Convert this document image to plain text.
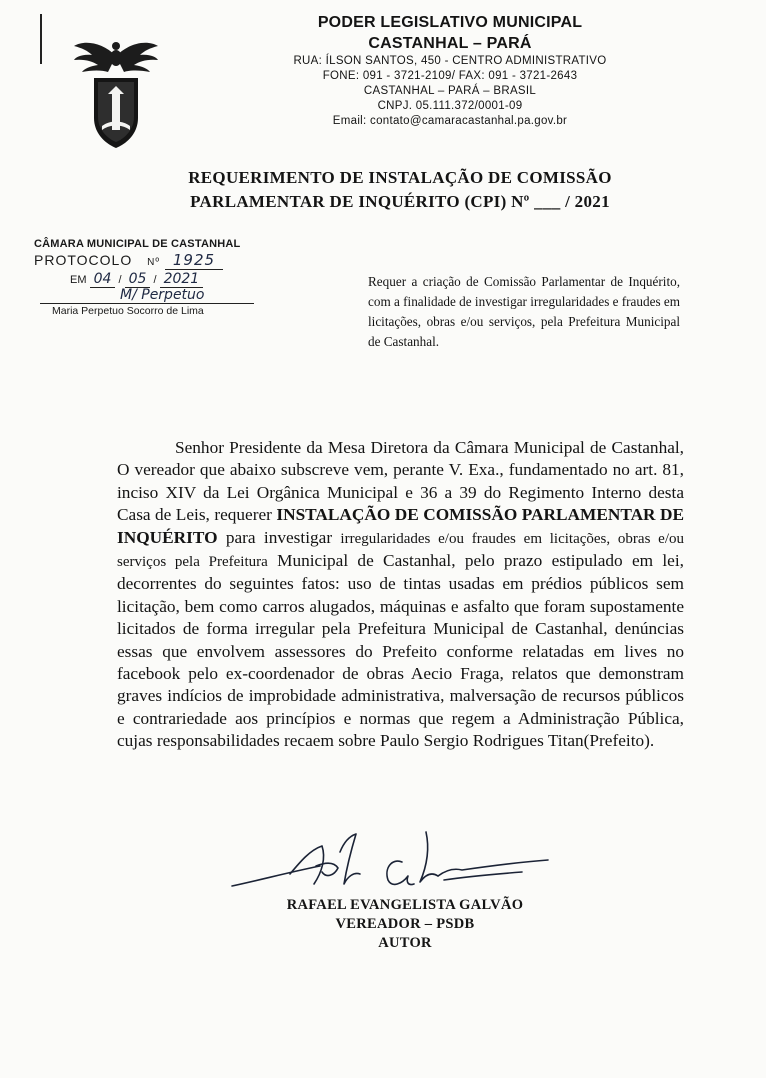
PODER LEGISLATIVO MUNICIPAL
CASTANHAL – PARÁ
RUA: ÍLSON SANTOS, 450 - CENTRO ADMINISTRATIVO
FONE: 091 - 3721-2109/ FAX: 091 - 3721-2643
CASTANHAL – PARÁ – BRASIL
CNPJ. 05.111.372/0001-09
Email: contato@camaracastanhal.pa.gov.br
REQUERIMENTO DE INSTALAÇÃO DE COMISSÃO
PARLAMENTAR DE INQUÉRITO (CPI) Nº ___ / 2021
CÂMARA MUNICIPAL DE CASTANHAL
PROTOCOLO Nº 1925
EM 04 / 05 / 2021
M/ Perpetuo
Maria Perpetuo Socorro de Lima
Requer a criação de Comissão Parlamentar de Inquérito, com a finalidade de investigar irregularidades e fraudes em licitações, obras e/ou serviços, pela Prefeitura Municipal de Castanhal.

Senhor Presidente da Mesa Diretora da Câmara Municipal de Castanhal, O vereador que abaixo subscreve vem, perante V. Exa., fundamentado no art. 81, inciso XIV da Lei Orgânica Municipal e 36 a 39 do Regimento Interno desta Casa de Leis, requerer INSTALAÇÃO DE COMISSÃO PARLAMENTAR DE INQUÉRITO para investigar irregularidades e/ou fraudes em licitações, obras e/ou serviços pela Prefeitura Municipal de Castanhal, pelo prazo estipulado em lei, decorrentes do seguintes fatos: uso de tintas usadas em prédios públicos sem licitação, bem como carros alugados, máquinas e asfalto que foram supostamente licitados de forma irregular pela Prefeitura Municipal de Castanhal, denúncias essas que envolvem assessores do Prefeito conforme relatadas em lives no facebook pelo ex-coordenador de obras Aecio Fraga, relatos que demonstram graves indícios de improbidade administrativa, malversação de recursos públicos e contrariedade aos princípios e normas que regem a Administração Pública, cujas responsabilidades recaem sobre Paulo Sergio Rodrigues Titan(Prefeito).

RAFAEL EVANGELISTA GALVÃO
VEREADOR – PSDB
AUTOR
